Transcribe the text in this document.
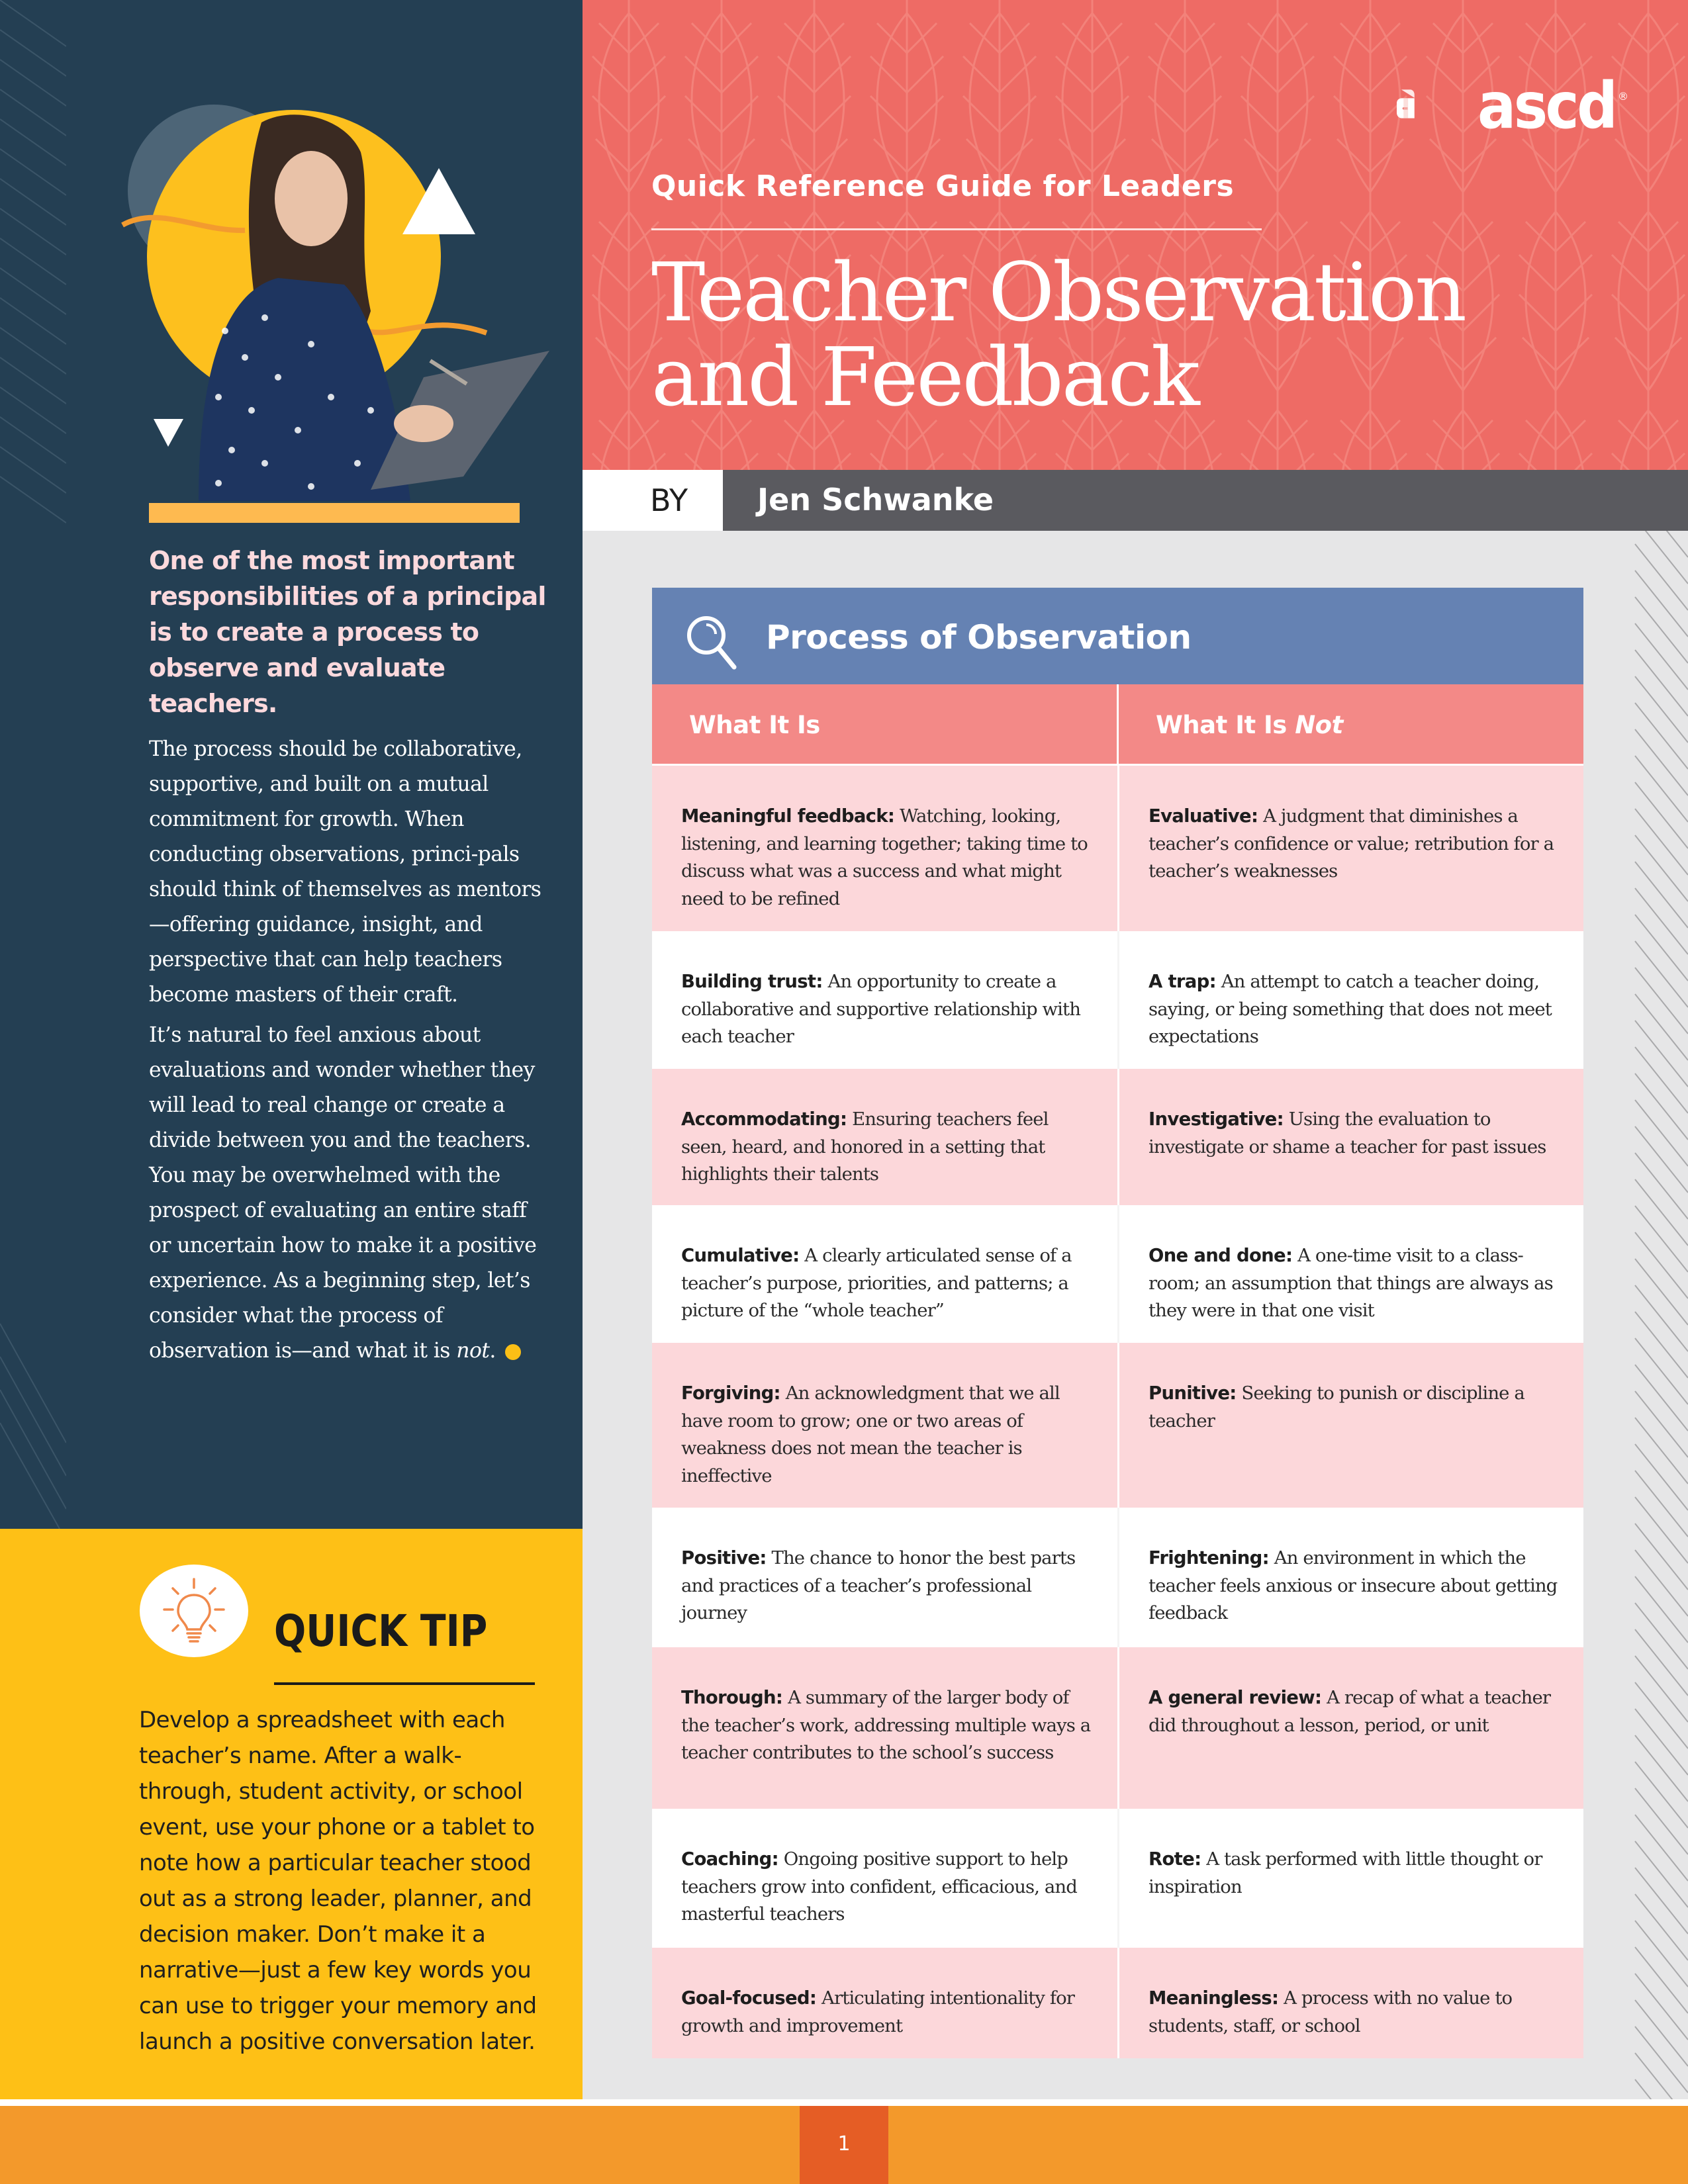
One of the most important responsibilities of a principal is to create a process to observe and evaluate teachers.

The process should be collaborative, supportive, and built on a mutual commitment for growth. When conducting observations, princi-pals should think of themselves as mentors—offering guidance, insight, and perspective that can help teachers become masters of their craft.

It’s natural to feel anxious about evaluations and wonder whether they will lead to real change or create a divide between you and the teachers. You may be overwhelmed with the prospect of evaluating an entire staff or uncertain how to make it a positive experience. As a beginning step, let’s consider what the process of observation is—and what it is not.

QUICK TIP
Develop a spreadsheet with each teacher’s name. After a walk-through, student activity, or school event, use your phone or a tablet to note how a particular teacher stood out as a strong leader, planner, and decision maker. Don’t make it a narrative—just a few key words you can use to trigger your memory and launch a positive conversation later.
ascd ®
Quick Reference Guide for Leaders
Teacher Observation
and Feedback
BY Jen Schwanke
Process of Observation
What It Is	What It Is Not
Meaningful feedback: Watching, looking, listening, and learning together; taking time to discuss what was a success and what might need to be refined
Evaluative: A judgment that diminishes a teacher’s confidence or value; retribution for a teacher’s weaknesses
Building trust: An opportunity to create a collaborative and supportive relationship with each teacher
A trap: An attempt to catch a teacher doing, saying, or being something that does not meet expectations
Accommodating: Ensuring teachers feel seen, heard, and honored in a setting that highlights their talents
Investigative: Using the evaluation to investigate or shame a teacher for past issues
Cumulative: A clearly articulated sense of a teacher’s purpose, priorities, and patterns; a picture of the “whole teacher”
One and done: A one-time visit to a class-room; an assumption that things are always as they were in that one visit
Forgiving: An acknowledgment that we all have room to grow; one or two areas of weakness does not mean the teacher is ineffective
Punitive: Seeking to punish or discipline a teacher
Positive: The chance to honor the best parts and practices of a teacher’s professional journey
Frightening: An environment in which the teacher feels anxious or insecure about getting feedback
Thorough: A summary of the larger body of the teacher’s work, addressing multiple ways a teacher contributes to the school’s success
A general review: A recap of what a teacher did throughout a lesson, period, or unit
Coaching: Ongoing positive support to help teachers grow into confident, efficacious, and masterful teachers
Rote: A task performed with little thought or inspiration
Goal-focused: Articulating intentionality for growth and improvement
Meaningless: A process with no value to students, staff, or school
1
